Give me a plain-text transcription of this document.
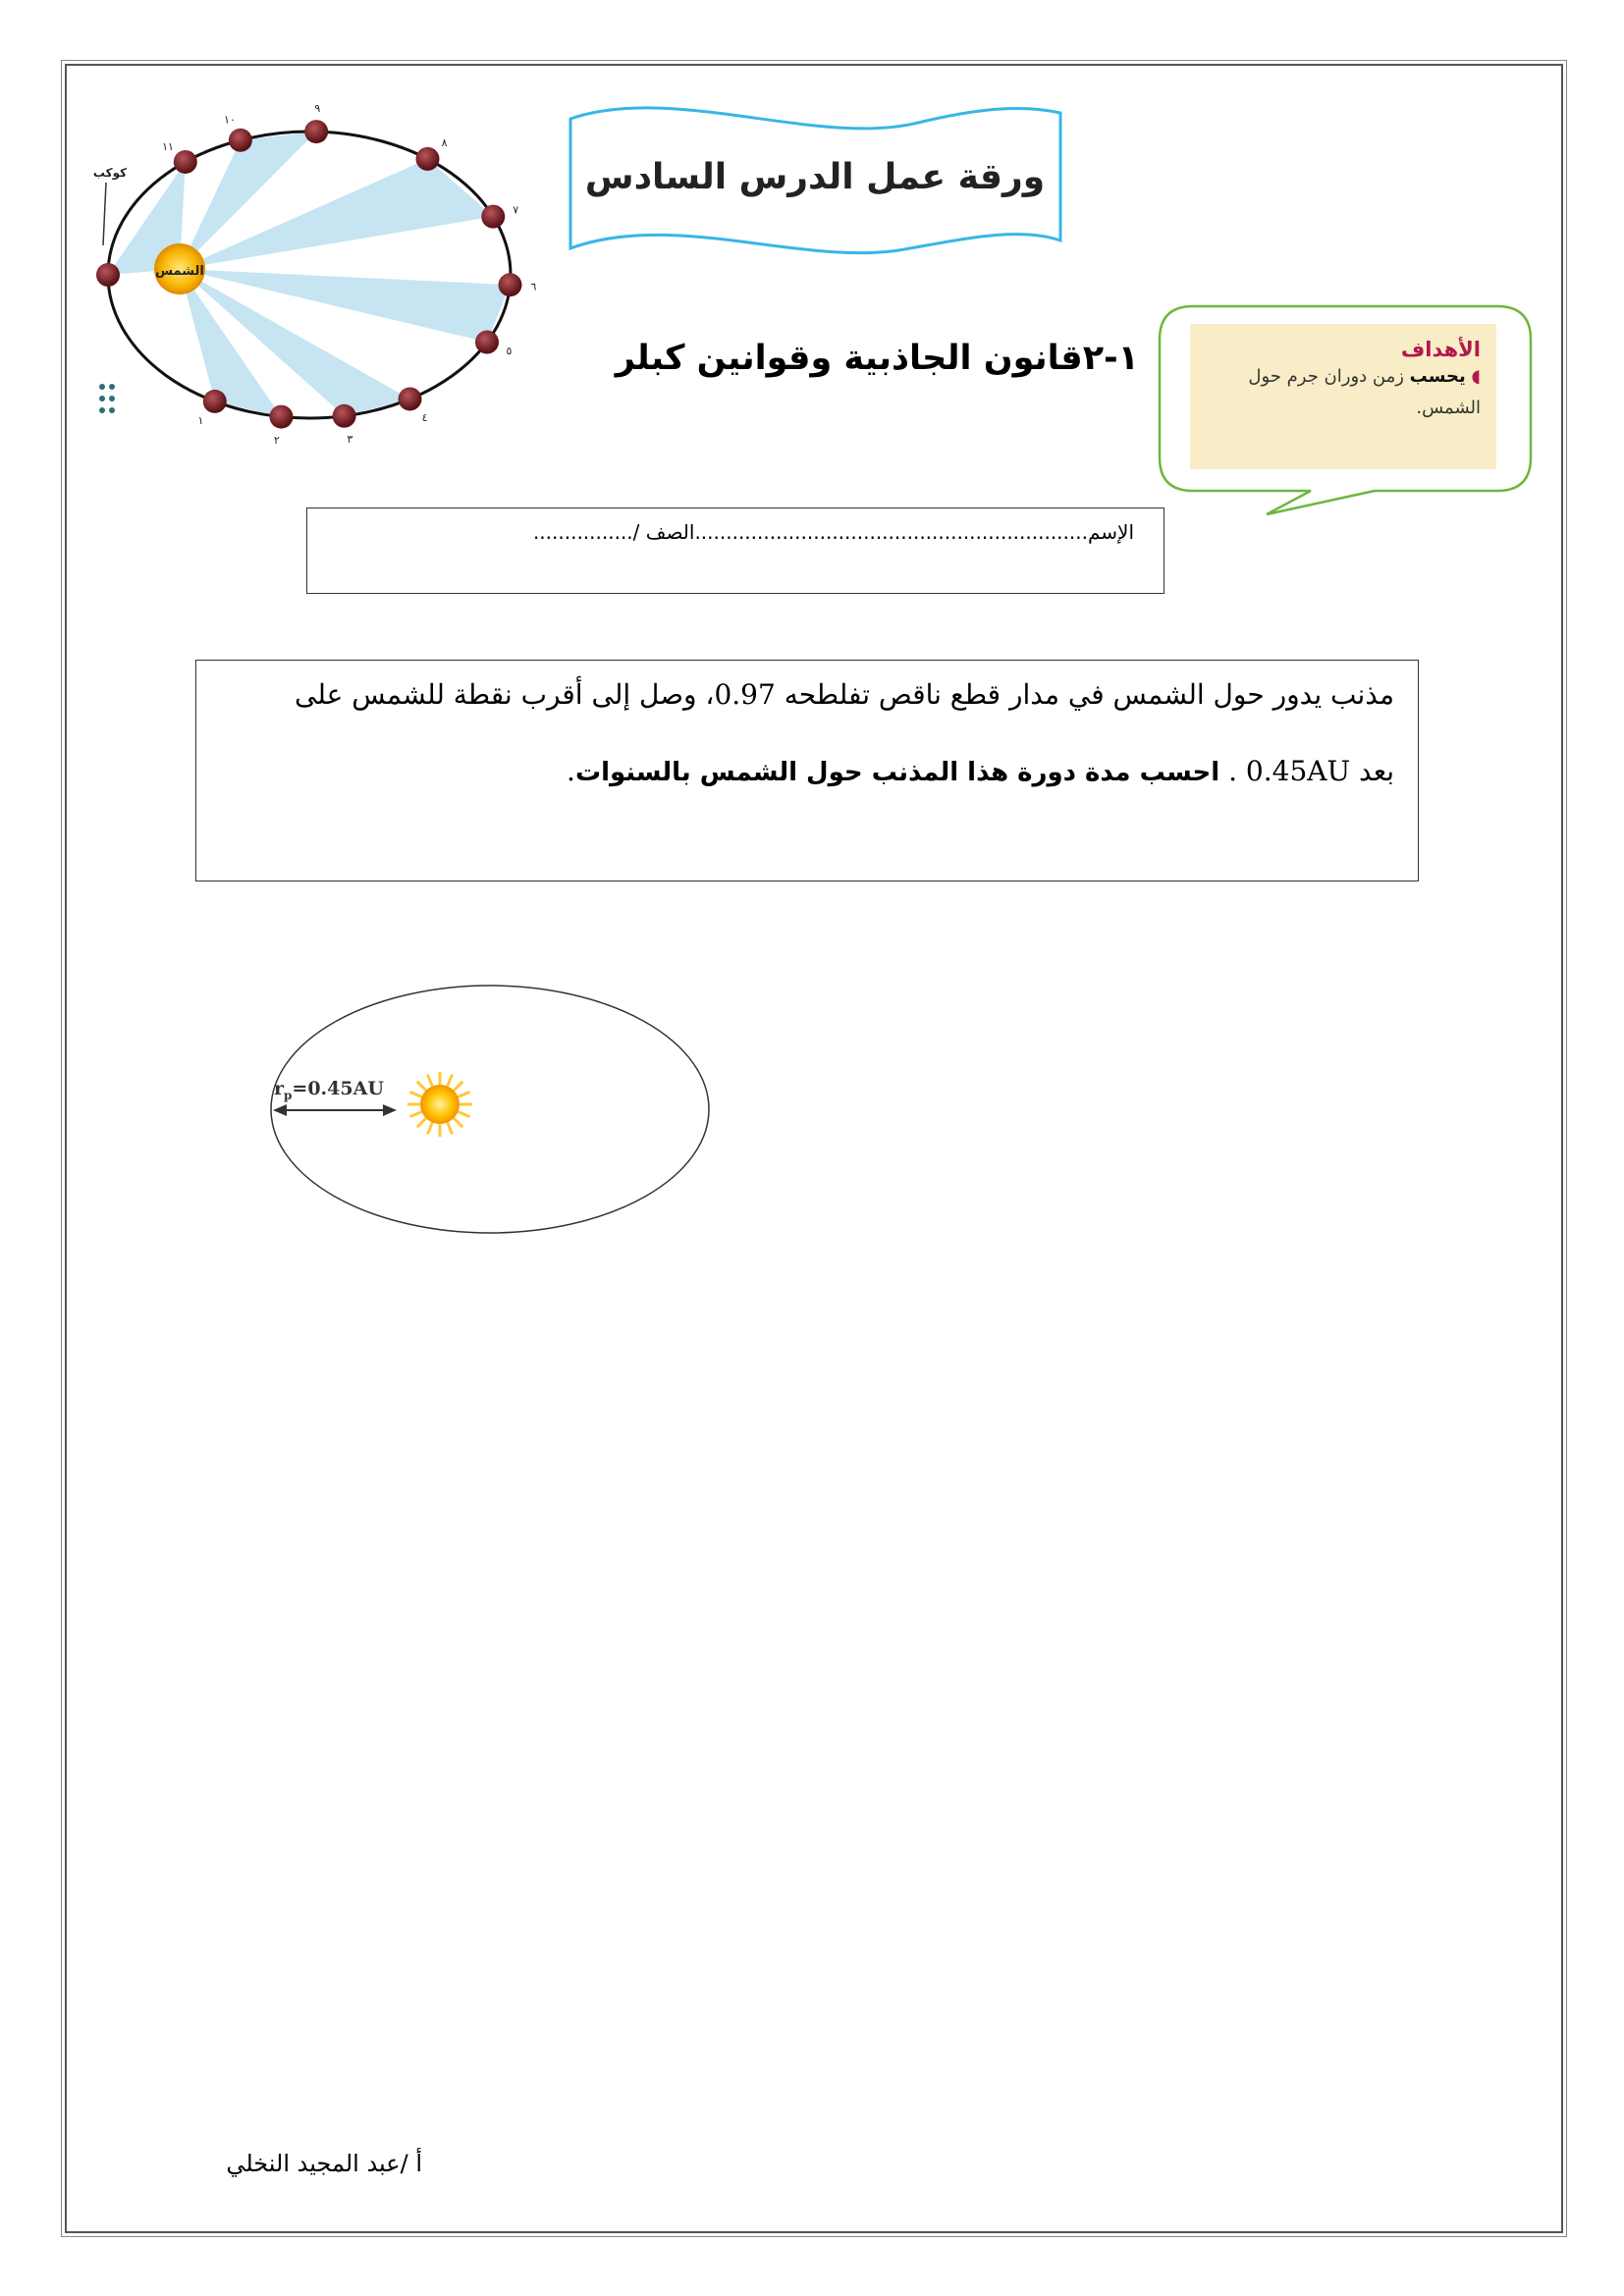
الشمس
كوكب
١
٢	٣
٤
٥
٦
٧
٨
٩
١٠
١١
ورقة عمل الدرس السادس
١-٢قانون الجاذبية وقوانين كبلر	الأهداف
◖ يحسب زمن دوران جرم حول الشمس.
الإسم...............................................................الصف /................
مذنب يدور حول الشمس في مدار قطع ناقص تفلطحه 0.97، وصل إلى أقرب نقطة للشمس على
بعد 0.45AU . احسب مدة دورة هذا المذنب حول الشمس بالسنوات.
$r_p=0.45AU$
أ /عبد المجيد النخلي
